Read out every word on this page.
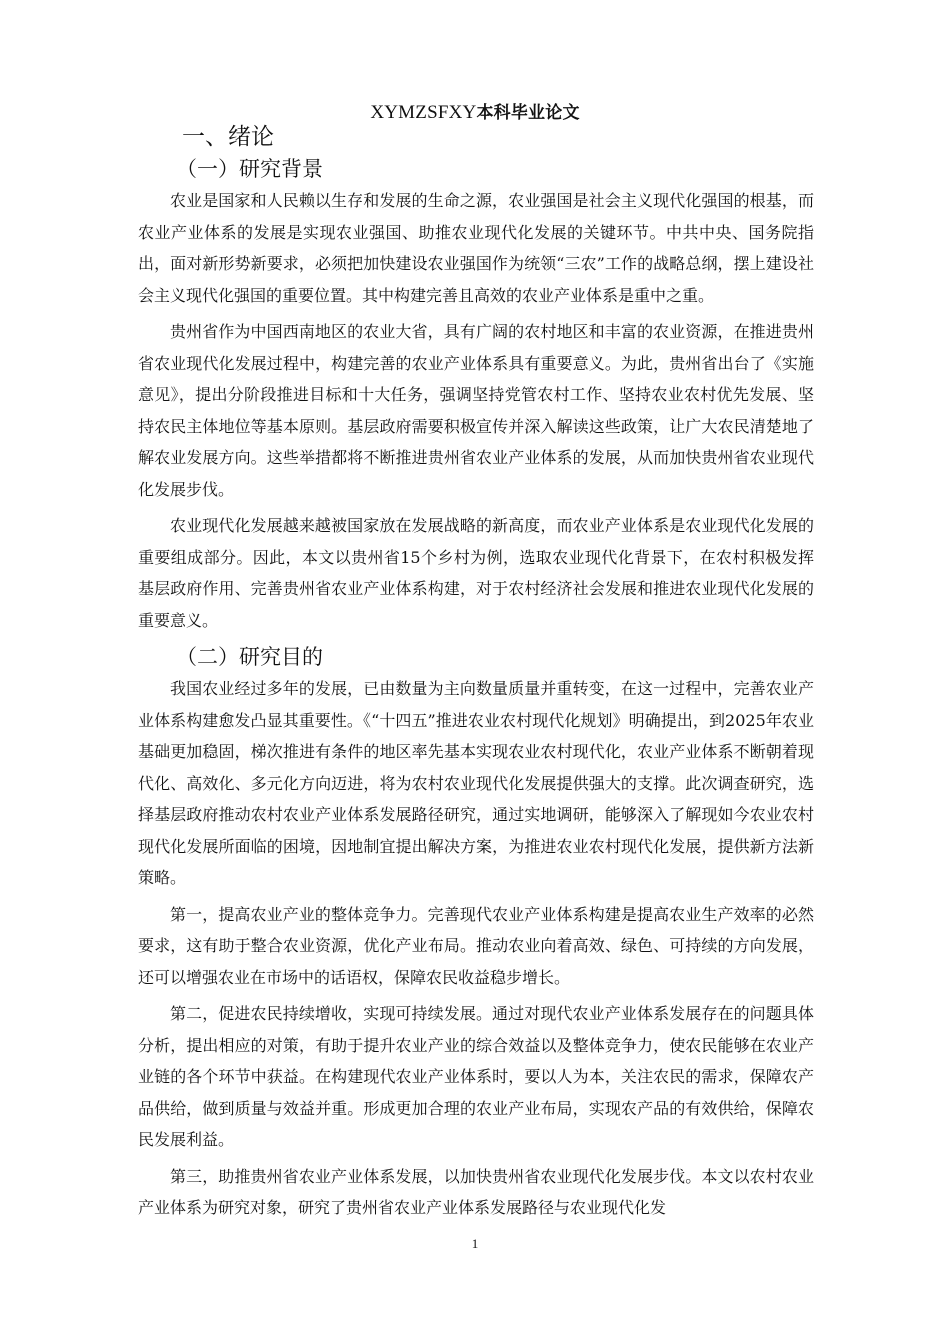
XYMZSFXY本科毕业论文
一、绪论
（一）研究背景

农业是国家和人民赖以生存和发展的生命之源，农业强国是社会主义现代化强国的根基，而农业产业体系的发展是实现农业强国、助推农业现代化发展的关键环节。中共中央、国务院指出，面对新形势新要求，必须把加快建设农业强国作为统领“三农”工作的战略总纲，摆上建设社会主义现代化强国的重要位置。其中构建完善且高效的农业产业体系是重中之重。

贵州省作为中国西南地区的农业大省，具有广阔的农村地区和丰富的农业资源，在推进贵州省农业现代化发展过程中，构建完善的农业产业体系具有重要意义。为此，贵州省出台了《实施意见》，提出分阶段推进目标和十大任务，强调坚持党管农村工作、坚持农业农村优先发展、坚持农民主体地位等基本原则。基层政府需要积极宣传并深入解读这些政策，让广大农民清楚地了解农业发展方向。这些举措都将不断推进贵州省农业产业体系的发展，从而加快贵州省农业现代化发展步伐。

农业现代化发展越来越被国家放在发展战略的新高度，而农业产业体系是农业现代化发展的重要组成部分。因此，本文以贵州省15个乡村为例，选取农业现代化背景下，在农村积极发挥基层政府作用、完善贵州省农业产业体系构建，对于农村经济社会发展和推进农业现代化发展的重要意义。

（二）研究目的

我国农业经过多年的发展，已由数量为主向数量质量并重转变，在这一过程中，完善农业产业体系构建愈发凸显其重要性。《“十四五”推进农业农村现代化规划》明确提出，到2025年农业基础更加稳固，梯次推进有条件的地区率先基本实现农业农村现代化，农业产业体系不断朝着现代化、高效化、多元化方向迈进，将为农村农业现代化发展提供强大的支撑。此次调查研究，选择基层政府推动农村农业产业体系发展路径研究，通过实地调研，能够深入了解现如今农业农村现代化发展所面临的困境，因地制宜提出解决方案，为推进农业农村现代化发展，提供新方法新策略。

第一，提高农业产业的整体竞争力。完善现代农业产业体系构建是提高农业生产效率的必然要求，这有助于整合农业资源，优化产业布局。推动农业向着高效、绿色、可持续的方向发展，还可以增强农业在市场中的话语权，保障农民收益稳步增长。

第二，促进农民持续增收，实现可持续发展。通过对现代农业产业体系发展存在的问题具体分析，提出相应的对策，有助于提升农业产业的综合效益以及整体竞争力，使农民能够在农业产业链的各个环节中获益。在构建现代农业产业体系时，要以人为本，关注农民的需求，保障农产品供给，做到质量与效益并重。形成更加合理的农业产业布局，实现农产品的有效供给，保障农民发展利益。

第三，助推贵州省农业产业体系发展，以加快贵州省农业现代化发展步伐。本文以农村农业产业体系为研究对象，研究了贵州省农业产业体系发展路径与农业现代化发

1
